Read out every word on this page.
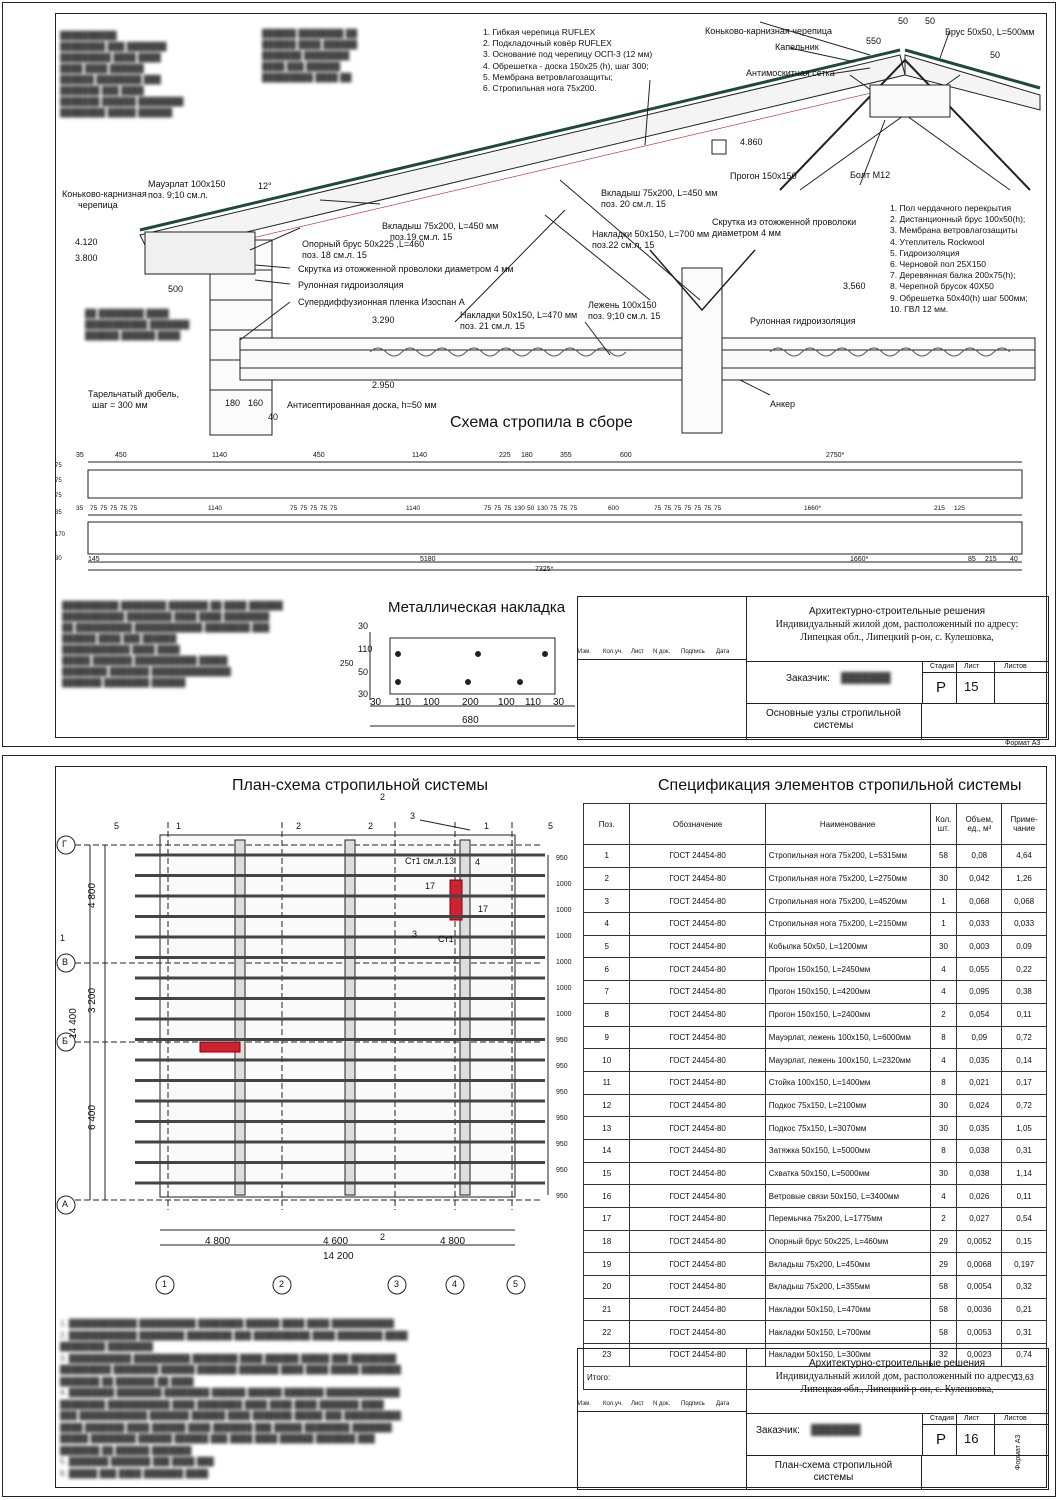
██████████
████████ ███ ███████
█████████ ████ ████
████ ████ ██████
██████ ████████ ███
███████ ███ ████
███████ ██████ ████████
████████ █████ ██████
██████ ████████ ██
██████ ████ ██████
███████ ████████
████ ███ ██████
█████████ ████ ██
██ ████████ ████
███████████ ███████
██████ ██████ ████
██████████ ████████ ███████ ██ ████ ██████
███████████ ████████ ████ ████ ████████
██ ██████████ ████████████ ████████ ███
██████ ████ ███ ██████
████████████ ████ ████
█████ ███████ ███████████ █████
████████ ███████ ██████████████
███████ ████████ ██████
1. Гибкая черепица RUFLEX
2. Подкладочный ковёр RUFLEX
3. Основание под черепицу ОСП-3 (12 мм)
4. Обрешетка - доска 150х25 (h), шаг 300;
5. Мембрана ветровлагозащиты;
6. Стропильная нога 75х200.
1. Пол чердачного перекрытия
2. Дистанционный брус 100х50(h);
3. Мембрана ветровлагозащиты
4. Утеплитель Rockwool
5. Гидроизоляция
6. Черновой пол 25Х150
7. Деревянная балка 200х75(h);
8. Черепной брусок 40Х50
9. Обрешетка 50х40(h) шаг 500мм;
10. ГВЛ 12 мм.
Коньково-карнизная черепица
50 50
Брус 50х50, L=500мм
Капельник
550
50
Антимоскитная сетка
4.860
Прогон 150х150	Болт М12
Мауэрлат 100х150
поз. 9;10 см.л.
12°
Коньково-карнизная
черепица
Вкладыш 75х200, L=450 мм
поз. 20 см.л. 15
Вкладыш 75х200, L=450 мм
поз.19 см.л. 15
Скрутка из отожженной проволоки
диаметром 4 мм
Накладки 50х150, L=700 мм
поз.22 см.л. 15
4.120
3.800
Опорный брус 50х225 ,L=460
поз. 18 см.л. 15
Скрутка из отожженной проволоки диаметром 4 мм
Рулонная гидроизоляция
500	3.560
Супердиффузионная пленка Изоспан А	Лежень 100х150
поз. 9;10 см.л. 15
Накладки 50х150, L=470 мм
поз. 21 см.л. 15
3.290	Рулонная гидроизоляция
2.950
Тарельчатый дюбель,
шаг = 300 мм	180 160	Антисептированная доска, h=50 мм	Анкер
40	Схема стропила в сборе
35	450	1140	450	1140	225 180	355	600	2750*
35	75 75 75 75 75	1140	75 75 75 75 75	1140	75 75 75 130 50 130 75 75 75	600	75 75 75 75 75 75 75	1660*	215	125
145	5180	1660*	85 215 40
7325*
75
75
75
35
170
30
Металлическая накладка
30 110 100 200 100 110 30
680
30
110
50
30
250
Изм.	Кол.уч.	Лист	N док.	Подпись	Дата
Архитектурно-строительные решения
Индивидуальный жилой дом, расположенный по адресу:
Липецкая обл., Липецкий р-он, с. Кулешовка,
Заказчик: ███████
Стадия Лист	Листов
Р 15
Основные узлы стропильной
системы
Формат А3
План-схема стропильной системы	Спецификация элементов стропильной системы
1	2	3	4	5
Г
В
Б
А
4 800	4 600	4 800
14 200
4 800
3 200
6 400
14 400
950
1000
1000
1000
1000
1000
1000
950
950
950
950
950
950
950
Ст1 см.л.13
Ст1
17
17
3
3
4
2	2
2
2
1	1
1
5	5
1. ████████████ ██████████ ████████ ██████ ████ ████ ███████████
2. ████████████ ████████ ████████ ███ ██████████ ████ ████████ ████
████████ ████████
3. ███████████ ██████████ ████████ ████ ██████ █████ ███ ████████
█████████ ████████ ██████ ███████ ███████ ████ ████ █████ ███████
███████ ██ ███████ ██ ████
4. ████████ ████████ ████████ ██████ ██████ ███████ █████████████
████████ ███████████ ████ ████████ ████ ████ ████ ███████ ████
███ ████████████ ███████ ██████ ████ ███████ █████ ███ ██████████
████ ███████ ████ ██████ ████ ███████ ███ █████ ████████ ███████
█████ ████████ ██████ ██████ ███ ████ ████ ██████ ███████ ███
███████ ██ ██████ ███████
5. ███████ ███████ ███ ████ ███
6. █████ ███ ████ ███████ ████
Поз.	Обозначение	Наименование	Кол. шт.	Объем, ед., м³	Приме- чание
1	ГОСТ 24454-80	Стропильная нога 75х200, L=5315мм	58	0,08	4,64
2	ГОСТ 24454-80	Стропильная нога 75х200, L=2750мм	30	0,042	1,26
3	ГОСТ 24454-80	Стропильная нога 75х200, L=4520мм	1	0,068	0,068
4	ГОСТ 24454-80	Стропильная нога 75х200, L=2150мм	1	0,033	0,033
5	ГОСТ 24454-80	Кобылка 50х50, L=1200мм	30	0,003	0,09
6	ГОСТ 24454-80	Прогон 150х150, L=2450мм	4	0,055	0,22
7	ГОСТ 24454-80	Прогон 150х150, L=4200мм	4	0,095	0,38
8	ГОСТ 24454-80	Прогон 150х150, L=2400мм	2	0,054	0,11
9	ГОСТ 24454-80	Мауэрлат, лежень 100х150, L=6000мм	8	0,09	0,72
10	ГОСТ 24454-80	Мауэрлат, лежень 100х150, L=2320мм	4	0,035	0,14
11	ГОСТ 24454-80	Стойка 100х150, L=1400мм	8	0,021	0,17
12	ГОСТ 24454-80	Подкос 75х150, L=2100мм	30	0,024	0,72
13	ГОСТ 24454-80	Подкос 75х150, L=3070мм	30	0,035	1,05
14	ГОСТ 24454-80	Затяжка 50х150, L=5000мм	8	0,038	0,31
15	ГОСТ 24454-80	Схватка 50х150, L=5000мм	30	0,038	1,14
16	ГОСТ 24454-80	Ветровые связи 50х150, L=3400мм	4	0,026	0,11
17	ГОСТ 24454-80	Перемычка 75х200, L=1775мм	2	0,027	0,54
18	ГОСТ 24454-80	Опорный брус 50х225, L=460мм	29	0,0052	0,15
19	ГОСТ 24454-80	Вкладыш 75х200, L=450мм	29	0,0068	0,197
20	ГОСТ 24454-80	Вкладыш 75х200, L=355мм	58	0,0054	0,32
21	ГОСТ 24454-80	Накладки 50х150, L=470мм	58	0,0036	0,21
22	ГОСТ 24454-80	Накладки 50х150, L=700мм	58	0,0053	0,31
23	ГОСТ 24454-80	Накладки 50х150, L=300мм	32	0,0023	0,74
Итого:					13,63
Изм.	Кол.уч.	Лист	N док.	Подпись	Дата
Архитектурно-строительные решения
Индивидуальный жилой дом, расположенный по адресу:
Липецкая обл., Липецкий р-он, с. Кулешовка,
Заказчик: ███████
Стадия Лист	Листов
Р 16
План-схема стропильной
системы
Формат А3
